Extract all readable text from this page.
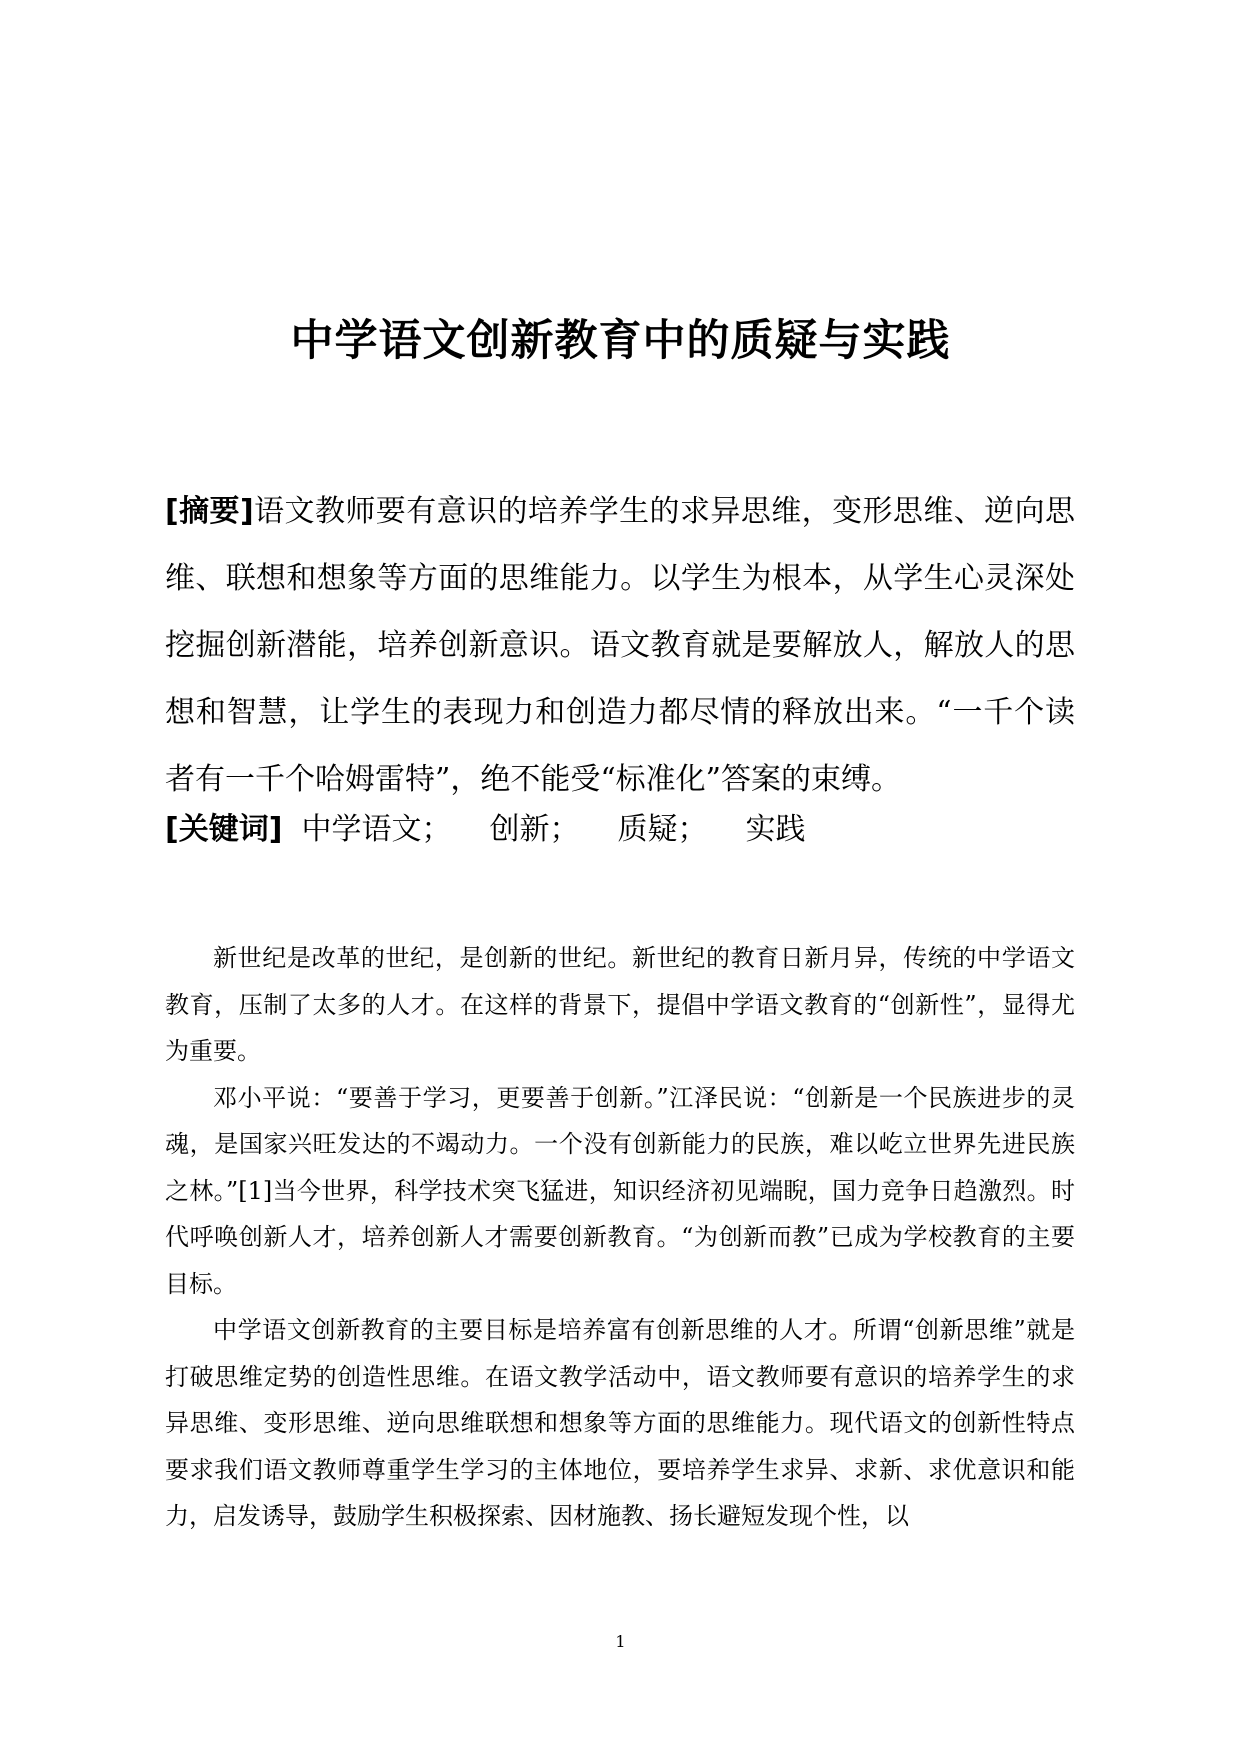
中学语文创新教育中的质疑与实践

[摘要]语文教师要有意识的培养学生的求异思维，变形思维、逆向思维、联想和想象等方面的思维能力。以学生为根本，从学生心灵深处挖掘创新潜能，培养创新意识。语文教育就是要解放人，解放人的思想和智慧，让学生的表现力和创造力都尽情的释放出来。“一千个读者有一千个哈姆雷特”，绝不能受“标准化”答案的束缚。

[关键词] 中学语文； 创新； 质疑； 实践

新世纪是改革的世纪，是创新的世纪。新世纪的教育日新月异，传统的中学语文教育，压制了太多的人才。在这样的背景下，提倡中学语文教育的“创新性”，显得尤为重要。

邓小平说：“要善于学习，更要善于创新。”江泽民说：“创新是一个民族进步的灵魂，是国家兴旺发达的不竭动力。一个没有创新能力的民族，难以屹立世界先进民族之林。”[1]当今世界，科学技术突飞猛进，知识经济初见端睨，国力竞争日趋激烈。时代呼唤创新人才，培养创新人才需要创新教育。“为创新而教”已成为学校教育的主要目标。

中学语文创新教育的主要目标是培养富有创新思维的人才。所谓“创新思维”就是打破思维定势的创造性思维。在语文教学活动中，语文教师要有意识的培养学生的求异思维、变形思维、逆向思维联想和想象等方面的思维能力。现代语文的创新性特点要求我们语文教师尊重学生学习的主体地位，要培养学生求异、求新、求优意识和能力，启发诱导，鼓励学生积极探索、因材施教、扬长避短发现个性，以

1
